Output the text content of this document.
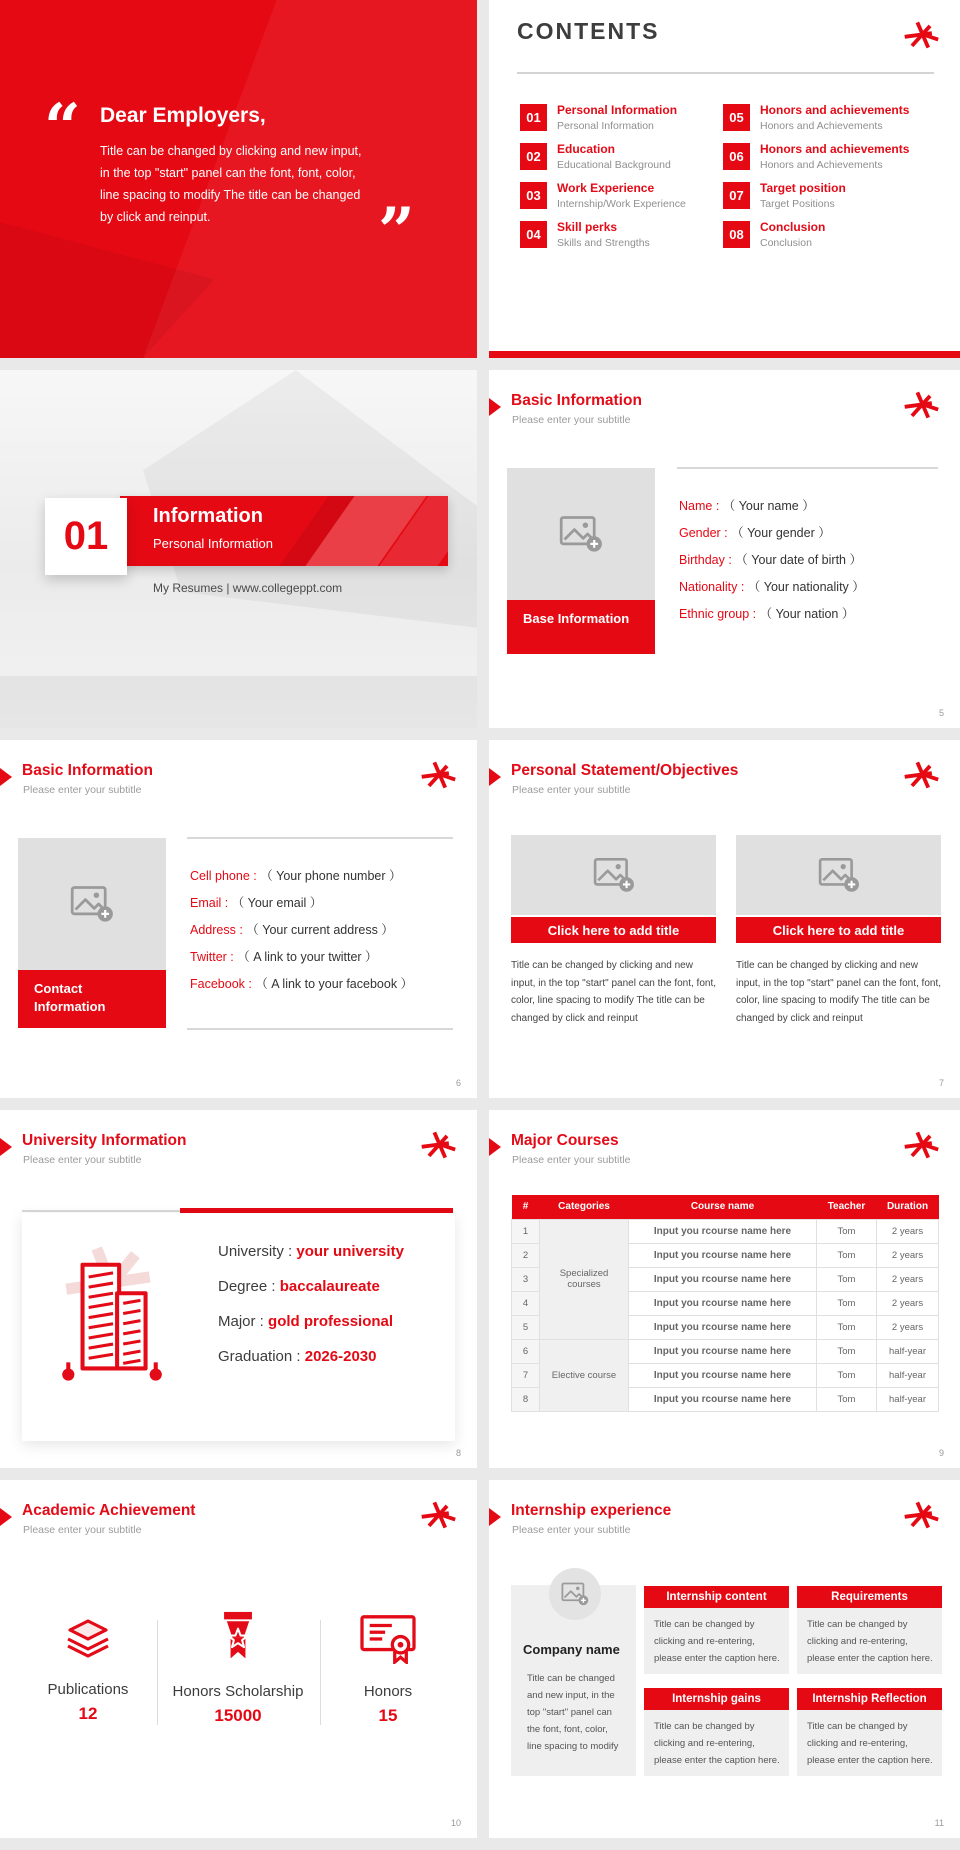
“ Dear Employers,
Title can be changed by clicking and new input, in the top "start" panel can the font, font, color, line spacing to modify The title can be changed by click and reinput.	”
CONTENTS
01	Personal Information
Personal Information
05	Honors and achievements
Honors and Achievements
02	Education
Educational Background
06	Honors and achievements
Honors and Achievements
03	Work Experience
Internship/Work Experience
07	Target position
Target Positions
04	Skill perks
Skills and Strengths
08	Conclusion
Conclusion
Information
Personal Information
01
My Resumes | www.collegeppt.com
Basic Information
Please enter your subtitle
Base Information
Name : （ Your name ）
Gender : （ Your gender ）
Birthday : （ Your date of birth ）
Nationality : （ Your nationality ）
Ethnic group : （ Your nation ）
5
Basic Information
Please enter your subtitle
Contact Information
Cell phone : （ Your phone number ）
Email : （ Your email ）
Address : （ Your current address ）
Twitter : （ A link to your twitter ）
Facebook : （ A link to your facebook ）
6
Personal Statement/Objectives
Please enter your subtitle
Click here to add title
Title can be changed by clicking and new input, in the top "start" panel can the font, font, color, line spacing to modify The title can be changed by click and reinput
Click here to add title
Title can be changed by clicking and new input, in the top "start" panel can the font, font, color, line spacing to modify The title can be changed by click and reinput
7
University Information
Please enter your subtitle
University : your university
Degree : baccalaureate
Major : gold professional
Graduation : 2026-2030
8
Major Courses
Please enter your subtitle
#	Categories	Course name	Teacher	Duration
1	Specialized courses	Input you rcourse name here	Tom	2 years
2		Input you rcourse name here	Tom	2 years
3		Input you rcourse name here	Tom	2 years
4		Input you rcourse name here	Tom	2 years
5		Input you rcourse name here	Tom	2 years
6	Elective course	Input you rcourse name here	Tom	half-year
7		Input you rcourse name here	Tom	half-year
8		Input you rcourse name here	Tom	half-year
9
Academic Achievement
Please enter your subtitle
Publications
12
Honors Scholarship
15000
Honors
15
10
Internship experience
Please enter your subtitle
Company name
Title can be changed and new input, in the top "start" panel can the font, font, color, line spacing to modify
Internship content
Title can be changed by clicking and re-entering, please enter the caption here.
Requirements
Title can be changed by clicking and re-entering, please enter the caption here.
Internship gains
Title can be changed by clicking and re-entering, please enter the caption here.
Internship Reflection
Title can be changed by clicking and re-entering, please enter the caption here.
11
